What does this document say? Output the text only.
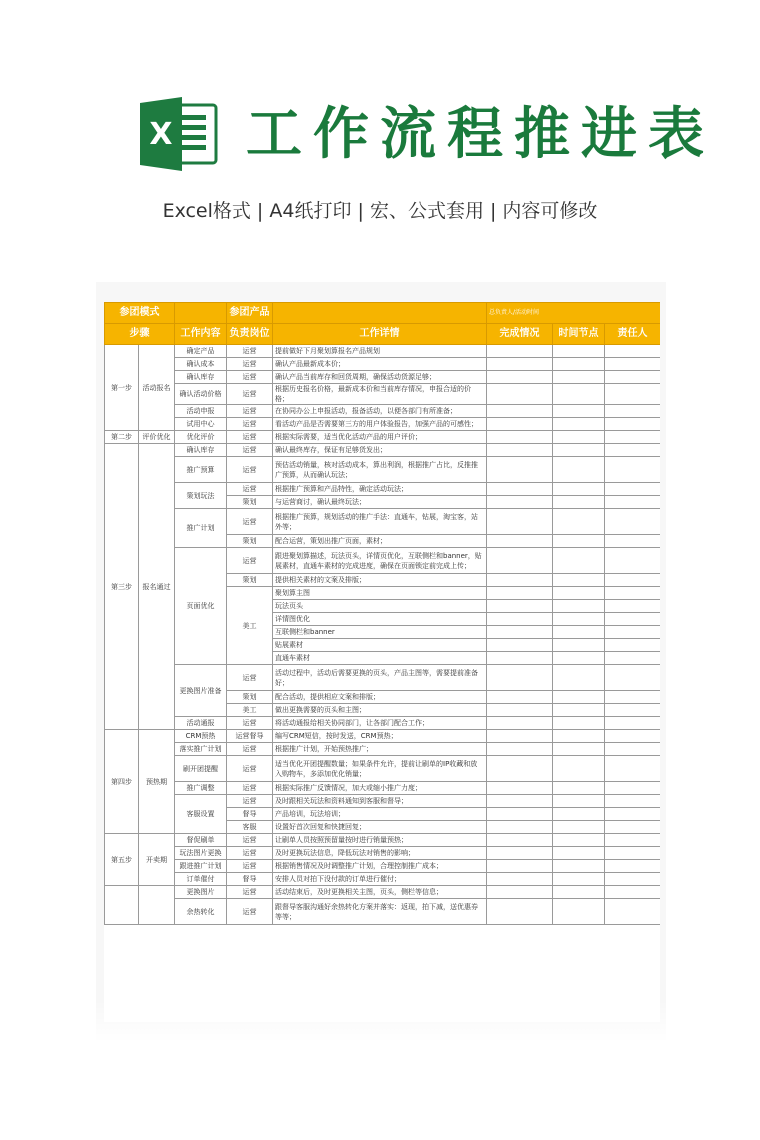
X 工作流程推进表
Excel格式 | A4纸打印 | 宏、公式套用 | 内容可修改
参团模式			参团产品		总负责人/活动时间		
步骤		工作内容	负责岗位	工作详情	完成情况	时间节点	责任人
第一步	活动报名	确定产品	运营	提前做好下月聚划算报名产品规划			
		确认成本	运营	确认产品最新成本价；			
		确认库存	运营	确认产品当前库存和回货周期，确保活动货源足够；			
		确认活动价格	运营	根据历史报名价格，最新成本价和当前库存情况，申报合适的价格；			
		活动申报	运营	在协同办公上申报活动，报备活动，以便各部门有所准备；			
		试用中心	运营	看活动产品是否需要第三方的用户体验报告，加强产品的可感性；			
第二步	评价优化	优化评价	运营	根据实际需要，适当优化活动产品的用户评价；			
第三步	报名通过	确认库存	运营	确认最终库存，保证有足够货发出；			
		推广预算	运营	预估活动销量，核对活动成本，算出利润，根据推广占比，反推推广预算，从而确认玩法；			
		策划玩法	运营	根据推广预算和产品特性，确定活动玩法；			
			策划	与运营商讨，确认最终玩法；			
		推广计划	运营	根据推广预算，规划活动的推广手法：直通车，钻展，淘宝客，站外等；			
			策划	配合运营，策划出推广页面，素材；			
		页面优化	运营	跟进聚划算描述，玩法页头，详情页优化，互联侧栏和banner，贴展素材，直通车素材的完成进度，确保在页面锁定前完成上传；			
			策划	提供相关素材的文案及排版；			
			美工	聚划算主图			
				玩法页头			
				详情图优化			
				互联侧栏和banner			
				贴展素材			
				直通车素材			
		更换图片准备	运营	活动过程中，活动后需要更换的页头，产品主图等，需要提前准备好；			
			策划	配合活动，提供相应文案和排版；			
			美工	做出更换需要的页头和主图；			
		活动通报	运营	将活动通报给相关协同部门，让各部门配合工作；			
第四步	预热期	CRM预热	运营督导	编写CRM短信，按时发送，CRM预热；			
		落实推广计划	运营	根据推广计划，开始预热推广；			
		刷开团提醒	运营	适当优化开团提醒数量；如果条件允许，提前让刷单的IP收藏和放入购物车，多添加优化销量；			
		推广调整	运营	根据实际推广反馈情况，加大或缩小推广力度；			
		客服设置	运营	及时跟相关玩法和资料通知到客服和督导；			
			督导	产品培训，玩法培训；			
			客服	设置好首次回复和快捷回复；			
第五步	开卖期	督促刷单	运营	让刷单人员按照预留量按时进行销量预热；			
		玩法图片更换	运营	及时更换玩法信息，降低玩法对销售的影响；			
		跟进推广计划	运营	根据销售情况及时调整推广计划，合理控制推广成本；			
		订单催付	督导	安排人员对拍下没付款的订单进行催付；			
		更换图片	运营	活动结束后，及时更换相关主图，页头，侧栏等信息；			
		余热转化	运营	跟督导客服沟通好余热转化方案并落实：返现，拍下减，送优惠券等等；			
